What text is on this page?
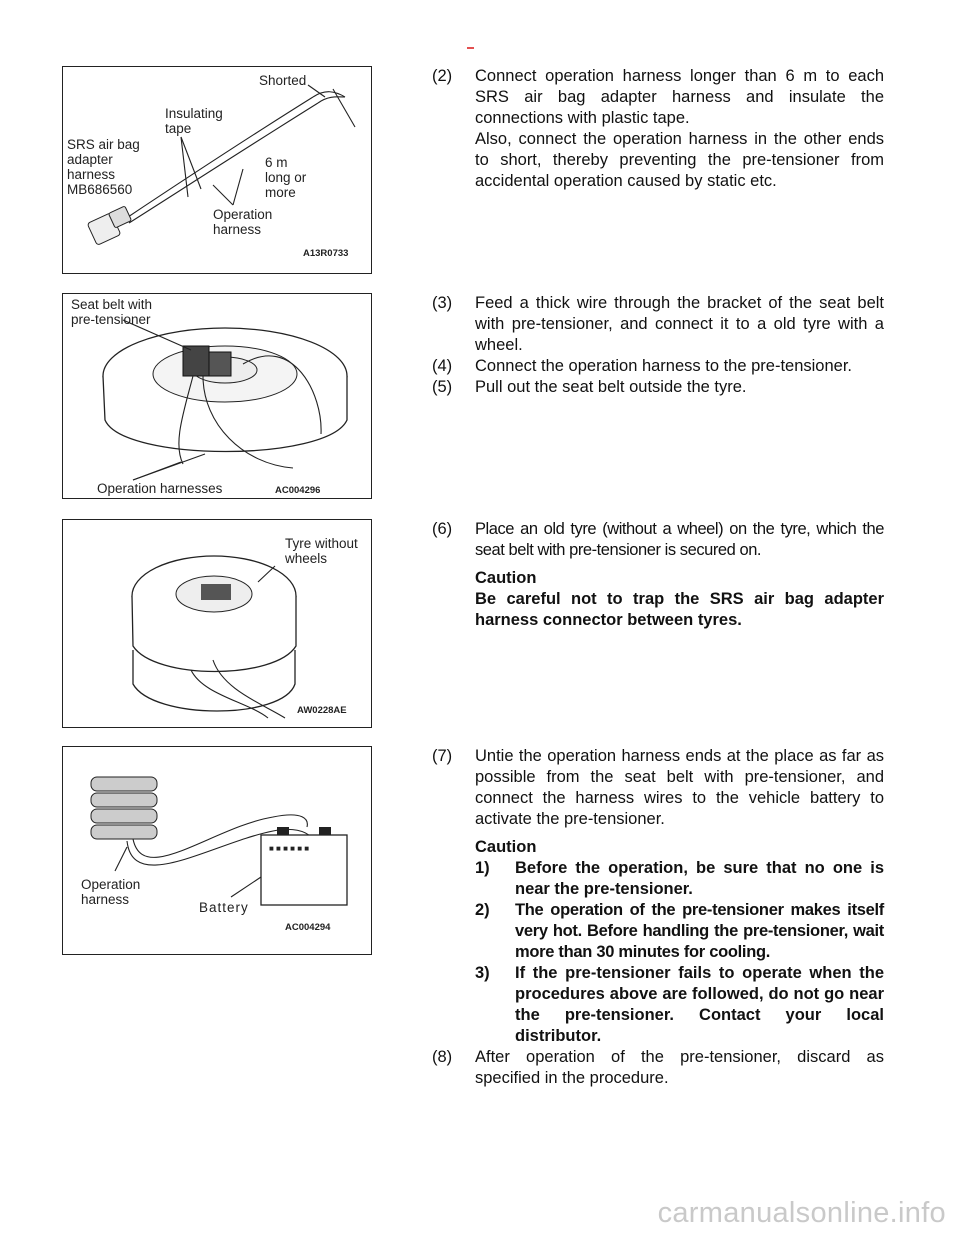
Shorted
Insulating
tape
SRS air bag
adapter
harness
MB686560
6 m
long or
more
Operation
harness
A13R0733
Seat belt with
pre-tensioner
Operation harnesses	AC004296
Tyre without
wheels
AW0228AE
■ ■ ■ ■ ■ ■
Operation
harness
Battery
AC004294
(2) Connect operation harness longer than 6 m to each SRS air bag adapter harness and insulate the connections with plastic tape.

Also, connect the operation harness in the other ends to short, thereby preventing the pre-tensioner from accidental operation caused by static etc.

(3) Feed a thick wire through the bracket of the seat belt with pre-tensioner, and connect it to a old tyre with a wheel.

(4) Connect the operation harness to the pre-tensioner.

(5) Pull out the seat belt outside the tyre.

(6) Place an old tyre (without a wheel) on the tyre, which the seat belt with pre-tensioner is secured on.

Caution

Be careful not to trap the SRS air bag adapter harness connector between tyres.

(7) Untie the operation harness ends at the place as far as possible from the seat belt with pre-tensioner, and connect the harness wires to the vehicle battery to activate the pre-tensioner.

Caution
1) Before the operation, be sure that no one is near the pre-tensioner.
2) The operation of the pre-tensioner makes itself very hot. Before handling the pre-tensioner, wait more than 30 minutes for cooling.
3) If the pre-tensioner fails to operate when the procedures above are followed, do not go near the pre-tensioner. Contact your local distributor.
(8) After operation of the pre-tensioner, discard as specified in the procedure.

carmanualsonline.info
